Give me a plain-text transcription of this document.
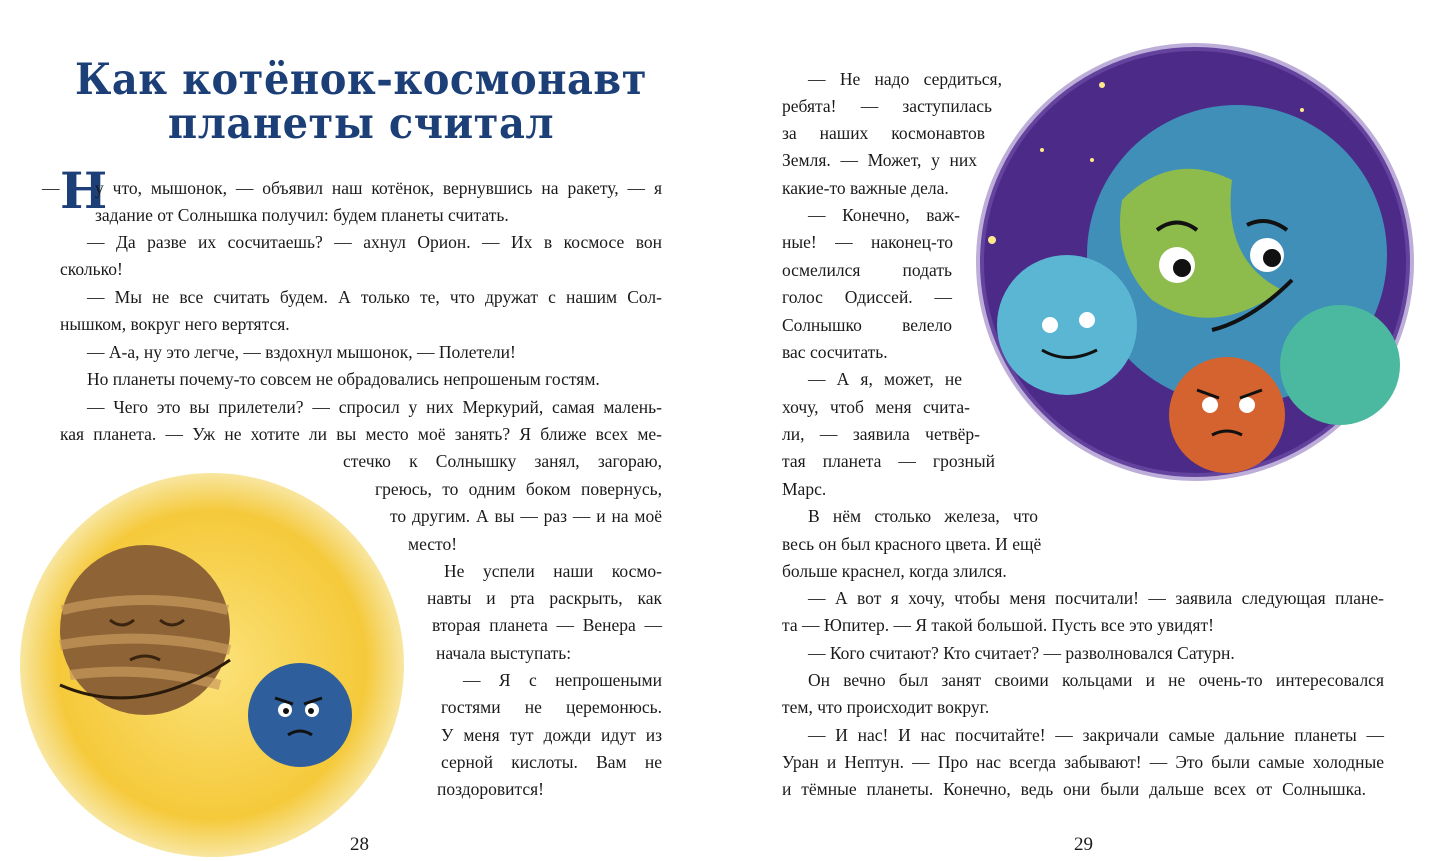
Как котёнок-космонавт
планеты считал
— Н
у что, мышонок, — объявил наш котёнок, вернувшись на ракету, — я
задание от Солнышка получил: будем планеты считать.
— Да разве их сосчитаешь? — ахнул Орион. — Их в космосе вон
сколько!
— Мы не все считать будем. А только те, что дружат с нашим Сол-
нышком, вокруг него вертятся.
— А-а, ну это легче, — вздохнул мышонок, — Полетели!
Но планеты почему-то совсем не обрадовались непрошеным гостям.
— Чего это вы прилетели? — спросил у них Меркурий, самая малень-
кая планета. — Уж не хотите ли вы место моё занять? Я ближе всех ме-
стечко к Солнышку занял, загораю,
греюсь, то одним боком повернусь,
то другим. А вы — раз — и на моё
место!
Не успели наши космо-
навты и рта раскрыть, как
вторая планета — Венера —
начала выступать:
— Я с непрошеными
гостями не церемонюсь.
У меня тут дожди идут из
серной кислоты. Вам не
поздоровится!
28
— Не надо сердиться,
ребята! — заступилась
за наших космонавтов
Земля. — Может, у них
какие-то важные дела.
— Конечно, важ-
ные! — наконец-то
осмелился подать
голос Одиссей. —
Солнышко велело
вас сосчитать.
— А я, может, не
хочу, чтоб меня счита-
ли, — заявила четвёр-
тая планета — грозный
Марс.
В нём столько железа, что
весь он был красного цвета. И ещё
больше краснел, когда злился.
— А вот я хочу, чтобы меня посчитали! — заявила следующая плане-
та — Юпитер. — Я такой большой. Пусть все это увидят!
— Кого считают? Кто считает? — разволновался Сатурн.
Он вечно был занят своими кольцами и не очень-то интересовался
тем, что происходит вокруг.
— И нас! И нас посчитайте! — закричали самые дальние планеты —
Уран и Нептун. — Про нас всегда забывают! — Это были самые холодные
и тёмные планеты. Конечно, ведь они были дальше всех от Солнышка.
29
